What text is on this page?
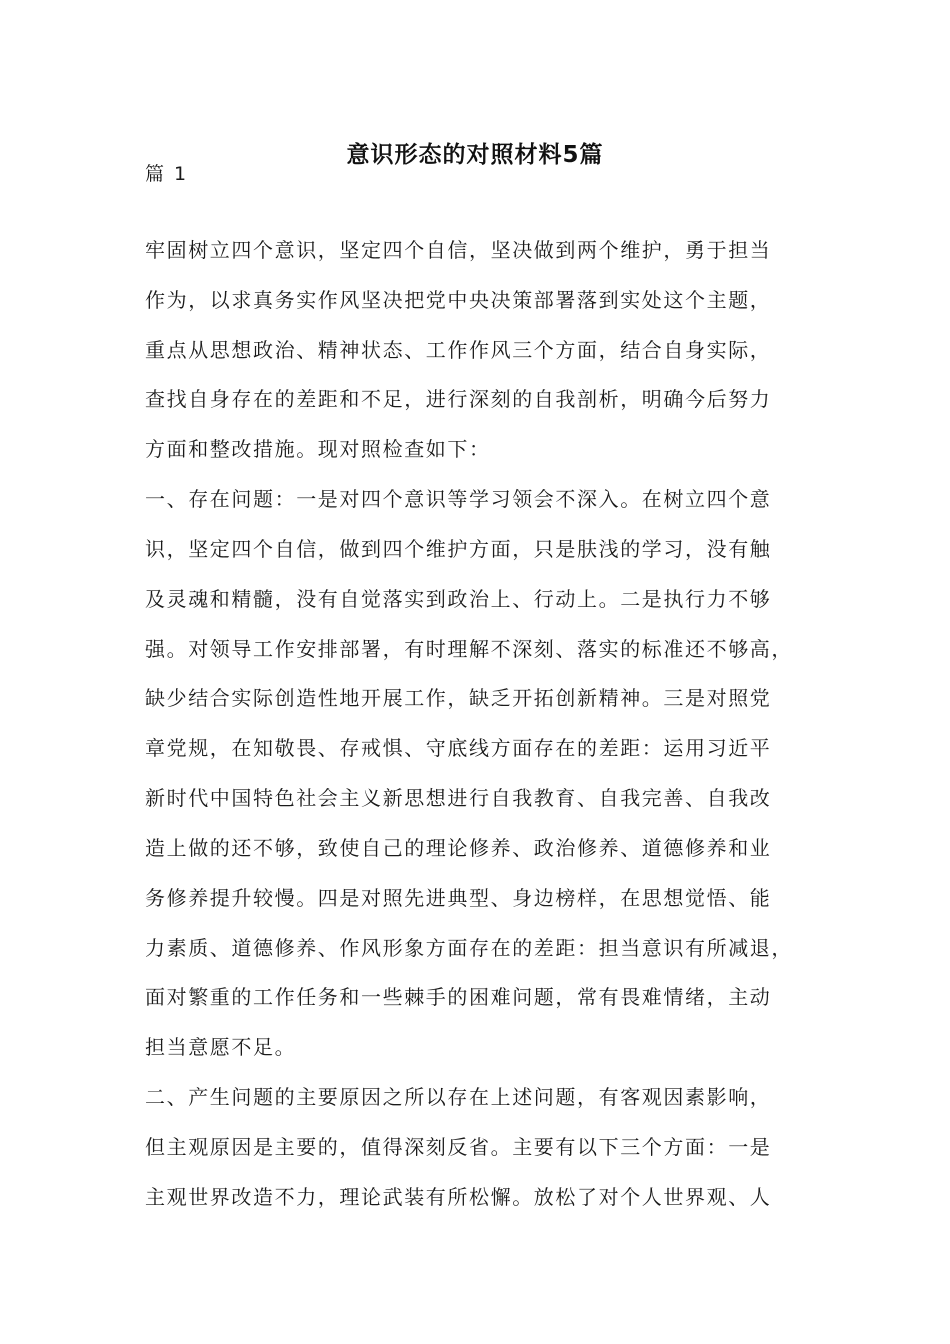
意识形态的对照材料5篇
篇 1
牢固树立四个意识，坚定四个自信，坚决做到两个维护，勇于担当
作为，以求真务实作风坚决把党中央决策部署落到实处这个主题，
重点从思想政治、精神状态、工作作风三个方面，结合自身实际，
查找自身存在的差距和不足，进行深刻的自我剖析，明确今后努力
方面和整改措施。现对照检查如下：
一、存在问题：一是对四个意识等学习领会不深入。在树立四个意
识，坚定四个自信，做到四个维护方面，只是肤浅的学习，没有触
及灵魂和精髓，没有自觉落实到政治上、行动上。二是执行力不够
强。对领导工作安排部署，有时理解不深刻、落实的标准还不够高，
缺少结合实际创造性地开展工作，缺乏开拓创新精神。三是对照党
章党规，在知敬畏、存戒惧、守底线方面存在的差距：运用习近平
新时代中国特色社会主义新思想进行自我教育、自我完善、自我改
造上做的还不够，致使自己的理论修养、政治修养、道德修养和业
务修养提升较慢。四是对照先进典型、身边榜样，在思想觉悟、能
力素质、道德修养、作风形象方面存在的差距：担当意识有所减退，
面对繁重的工作任务和一些棘手的困难问题，常有畏难情绪，主动
担当意愿不足。
二、产生问题的主要原因之所以存在上述问题，有客观因素影响，
但主观原因是主要的，值得深刻反省。主要有以下三个方面：一是
主观世界改造不力，理论武装有所松懈。放松了对个人世界观、人
